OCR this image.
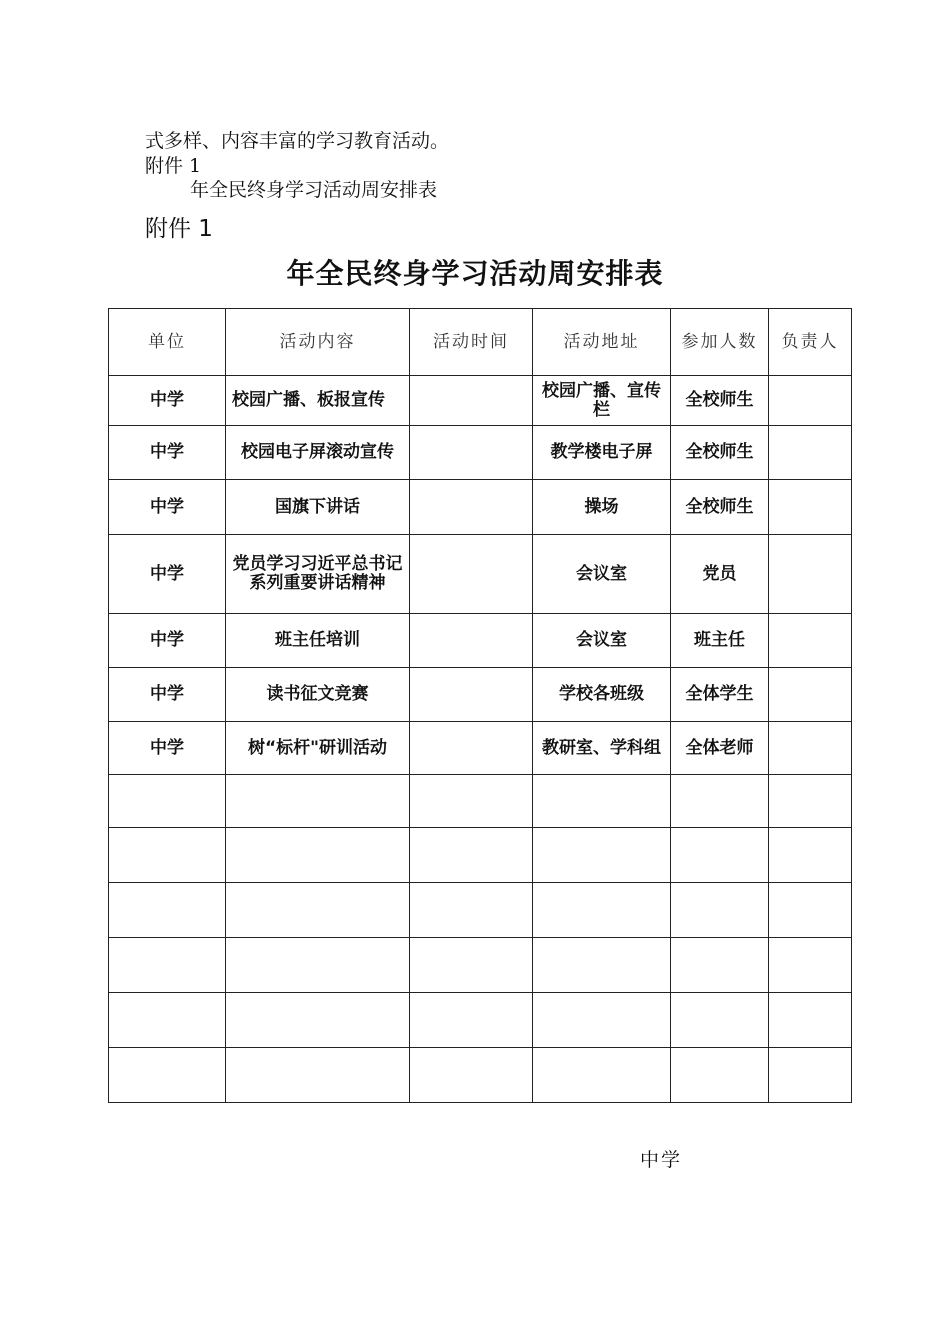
式多样、内容丰富的学习教育活动。
附件 1
年全民终身学习活动周安排表
附件 1
年全民终身学习活动周安排表
单位	活动内容	活动时间	活动地址	参加人数	负责人
中学	校园广播、板报宣传		校园广播、宣传栏	全校师生	
中学	校园电子屏滚动宣传		教学楼电子屏	全校师生	
中学	国旗下讲话		操场	全校师生	
中学	党员学习习近平总书记系列重要讲话精神		会议室	党员	
中学	班主任培训		会议室	班主任	
中学	读书征文竞赛		学校各班级	全体学生	
中学	树“标杆"研训活动		教研室、学科组	全体老师	

中学
